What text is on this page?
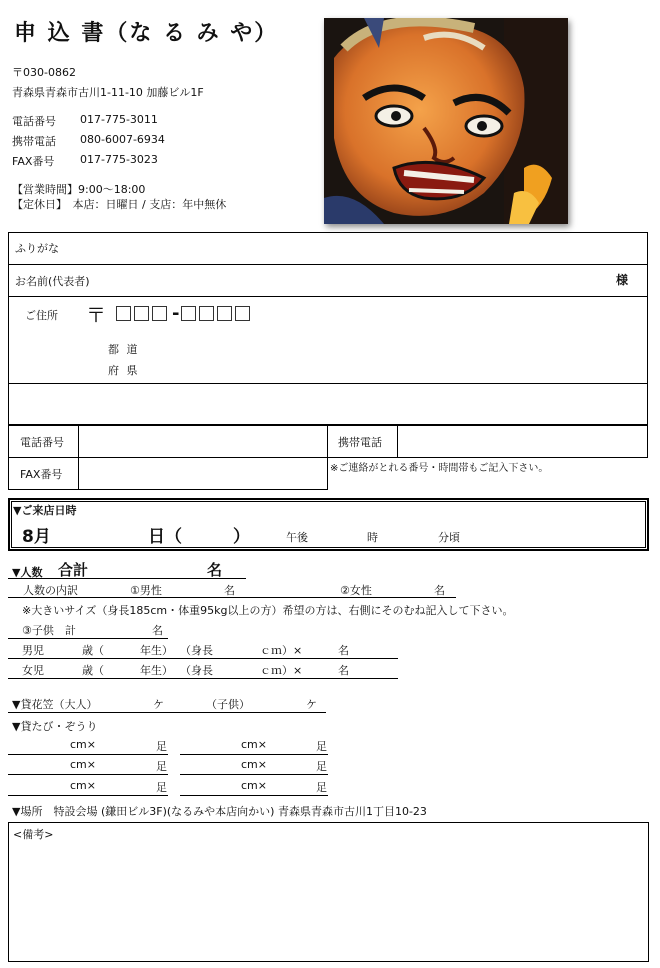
申 込 書（な る み や）
〒030-0862
青森県青森市古川1-11-10 加藤ビル1F
電話番号 017-775-3011
携帯電話 080-6007-6934
FAX番号 017-775-3023
【営業時間】9:00～18:00
【定休日】　本店：日曜日 / 支店：年中無休
ふりがな
お名前(代表者)	様
ご住所 〒	-
都 道
府 県
電話番号	携帯電話
FAX番号	※ご連絡がとれる番号・時間帯もご記入下さい。
▼ご来店日時
8月	日（　　　）	午後	時	分頃
▼人数 合計	名
人数の内訳	①男性	名	②女性	名
※大きいサイズ（身長185cm・体重95kg以上の方）希望の方は、右側にそのむね記入して下さい。
③子供　計	名
男児	歳（	年生） （身長	ｃｍ）×	名
女児	歳（	年生） （身長	ｃｍ）×	名
▼貸花笠（大人）	ケ	（子供）	ケ
▼貸たび・ぞうり
cm×	足	cm×	足
cm×	足	cm×	足
cm×	足	cm×	足
▼場所　特設会場 (鎌田ビル3F)(なるみや本店向かい) 青森県青森市古川1丁目10-23
<備考>
